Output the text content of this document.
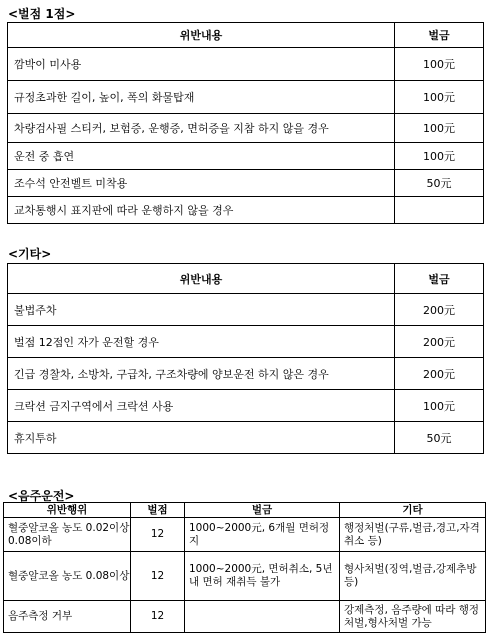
<벌점 1점>
위반내용	벌금
깜박이 미사용	100元
규정초과한 길이, 높이, 폭의 화물탑재	100元
차량검사필 스티커, 보험증, 운행증, 면허증을 지참 하지 않을 경우	100元
운전 중 흡연	100元
조수석 안전벨트 미착용	50元
교차통행시 표지판에 따라 운행하지 않을 경우	
<기타>
위반내용	벌금
불법주차	200元
벌점 12점인 자가 운전할 경우	200元
긴급 경찰차, 소방차, 구급차, 구조차량에 양보운전 하지 않은 경우	200元
크락션 금지구역에서 크락션 사용	100元
휴지투하	50元
<음주운전>
위반행위	벌점	벌금	기타
혈중알코올 농도 0.02이상 0.08이하	12	1000~2000元, 6개월 면허정지	행정처벌(구류,벌금,경고,자격취소 등)
혈중알코올 농도 0.08이상	12	1000~2000元, 면허취소, 5년내 면허 재취득 불가	형사처벌(징역,벌금,강제추방 등)
음주측정 거부	12		강제측정, 음주량에 따라 행정처벌,형사처벌 가능
